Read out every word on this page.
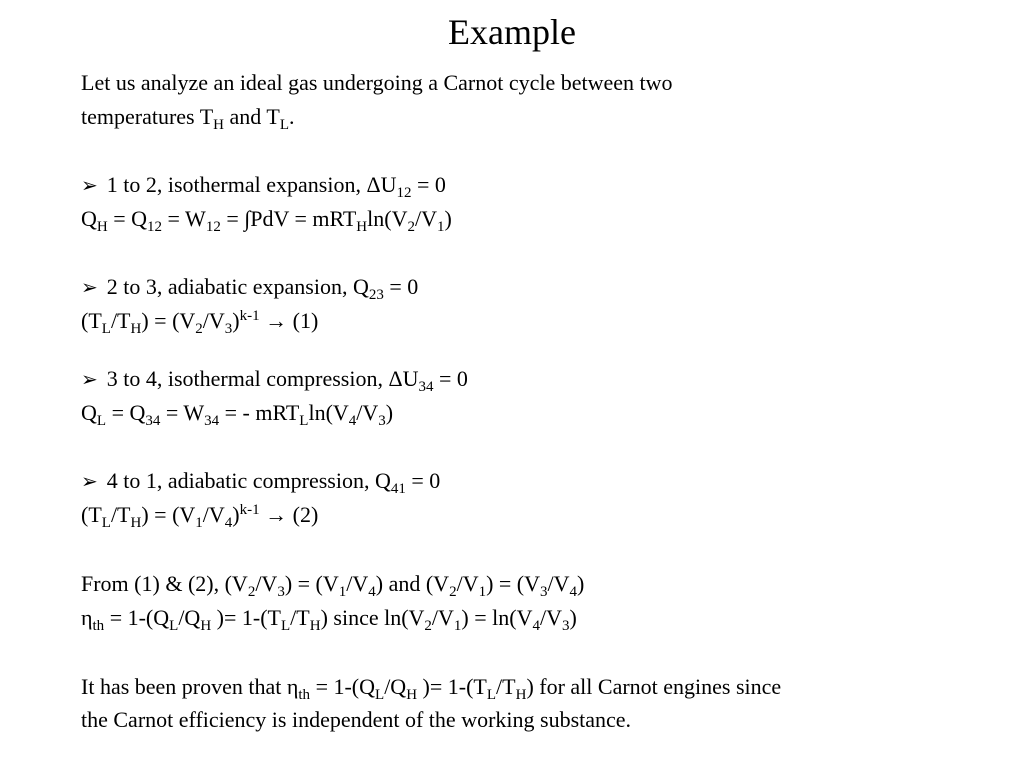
Example
Let us analyze an ideal gas undergoing a Carnot cycle between two
temperatures $T_H$ and $T_L$.
➢ 1 to 2, isothermal expansion, $\Delta U_{12} = 0$
$Q_H = Q_{12} = W_{12} = \int PdV = mRT_H\ln(V_2/V_1)$
➢ 2 to 3, adiabatic expansion, $Q_{23} = 0$
$(T_L/T_H) = (V_2/V_3)^{k-1} \to (1)$
➢ 3 to 4, isothermal compression, $\Delta U_{34} = 0$
$Q_L = Q_{34} = W_{34}$ = - $mRT_L\ln(V_4/V_3)$
➢ 4 to 1, adiabatic compression, $Q_{41} = 0$
$(T_L/T_H) = (V_1/V_4)^{k-1} \to (2)$
From (1) & (2), $(V_2/V_3) = (V_1/V_4)$ and $(V_2/V_1) = (V_3/V_4)$
$\eta_{th} = 1-(Q_L/Q_H$ )= $1-(T_L/T_H)$ since $\ln(V_2/V_1) = \ln(V_4/V_3)$
It has been proven that $\eta_{th} = 1-(Q_L/Q_H$ )= $1-(T_L/T_H)$ for all Carnot engines since
the Carnot efficiency is independent of the working substance.
